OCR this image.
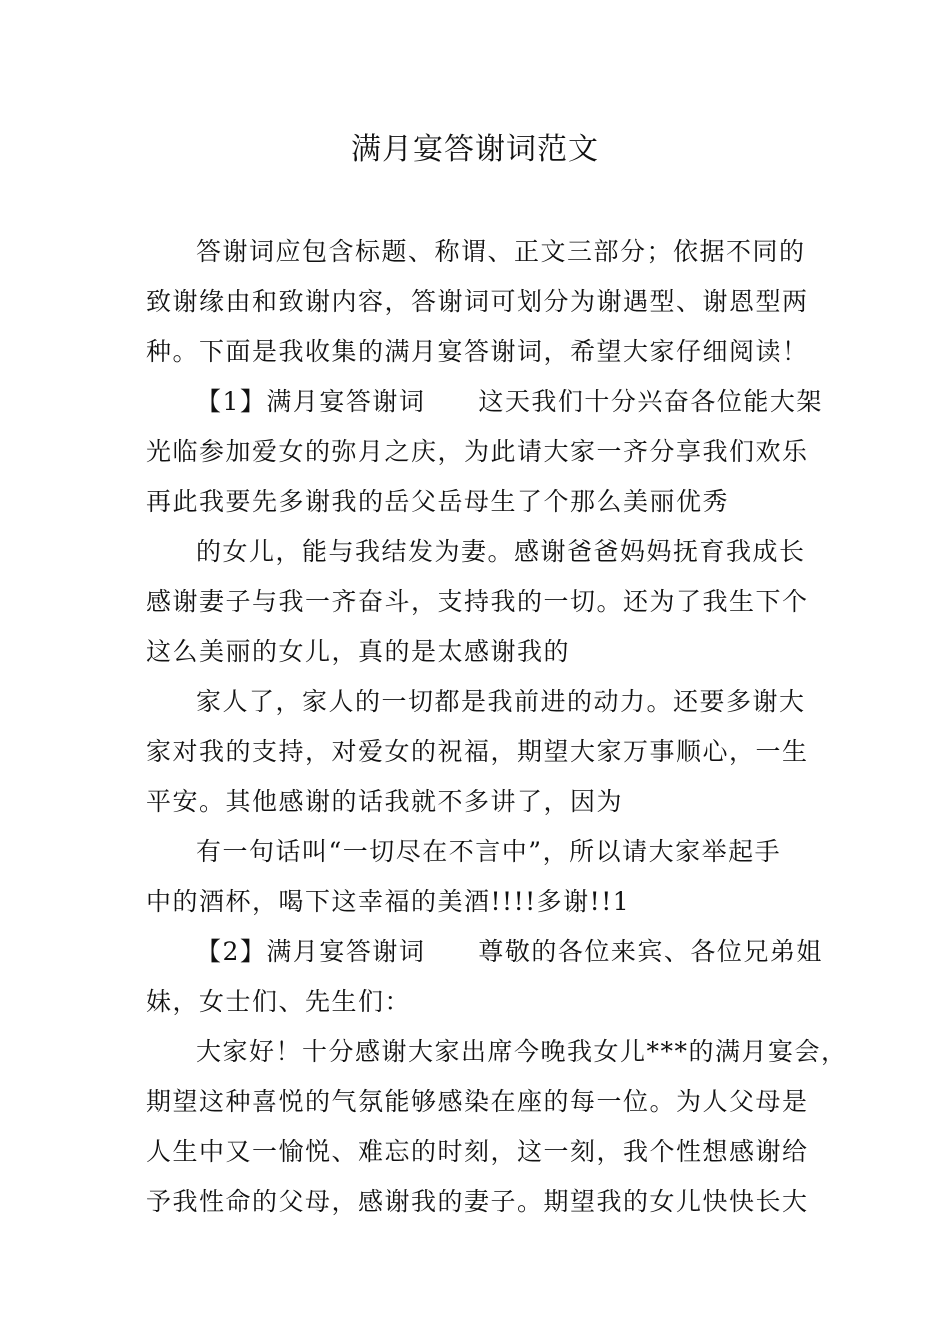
满月宴答谢词范文
答谢词应包含标题、称谓、正文三部分；依据不同的
致谢缘由和致谢内容，答谢词可划分为谢遇型、谢恩型两
种。下面是我收集的满月宴答谢词，希望大家仔细阅读！
【1】满月宴答谢词　　这天我们十分兴奋各位能大架
光临参加爱女的弥月之庆，为此请大家一齐分享我们欢乐
再此我要先多谢我的岳父岳母生了个那么美丽优秀
的女儿，能与我结发为妻。感谢爸爸妈妈抚育我成长
感谢妻子与我一齐奋斗，支持我的一切。还为了我生下个
这么美丽的女儿，真的是太感谢我的
家人了，家人的一切都是我前进的动力。还要多谢大
家对我的支持，对爱女的祝福，期望大家万事顺心，一生
平安。其他感谢的话我就不多讲了，因为
有一句话叫“一切尽在不言中”，所以请大家举起手
中的酒杯，喝下这幸福的美酒!!!!多谢!!1
【2】满月宴答谢词　　尊敬的各位来宾、各位兄弟姐
妹，女士们、先生们：
大家好！十分感谢大家出席今晚我女儿***的满月宴会，
期望这种喜悦的气氛能够感染在座的每一位。为人父母是
人生中又一愉悦、难忘的时刻，这一刻，我个性想感谢给
予我性命的父母，感谢我的妻子。期望我的女儿快快长大
